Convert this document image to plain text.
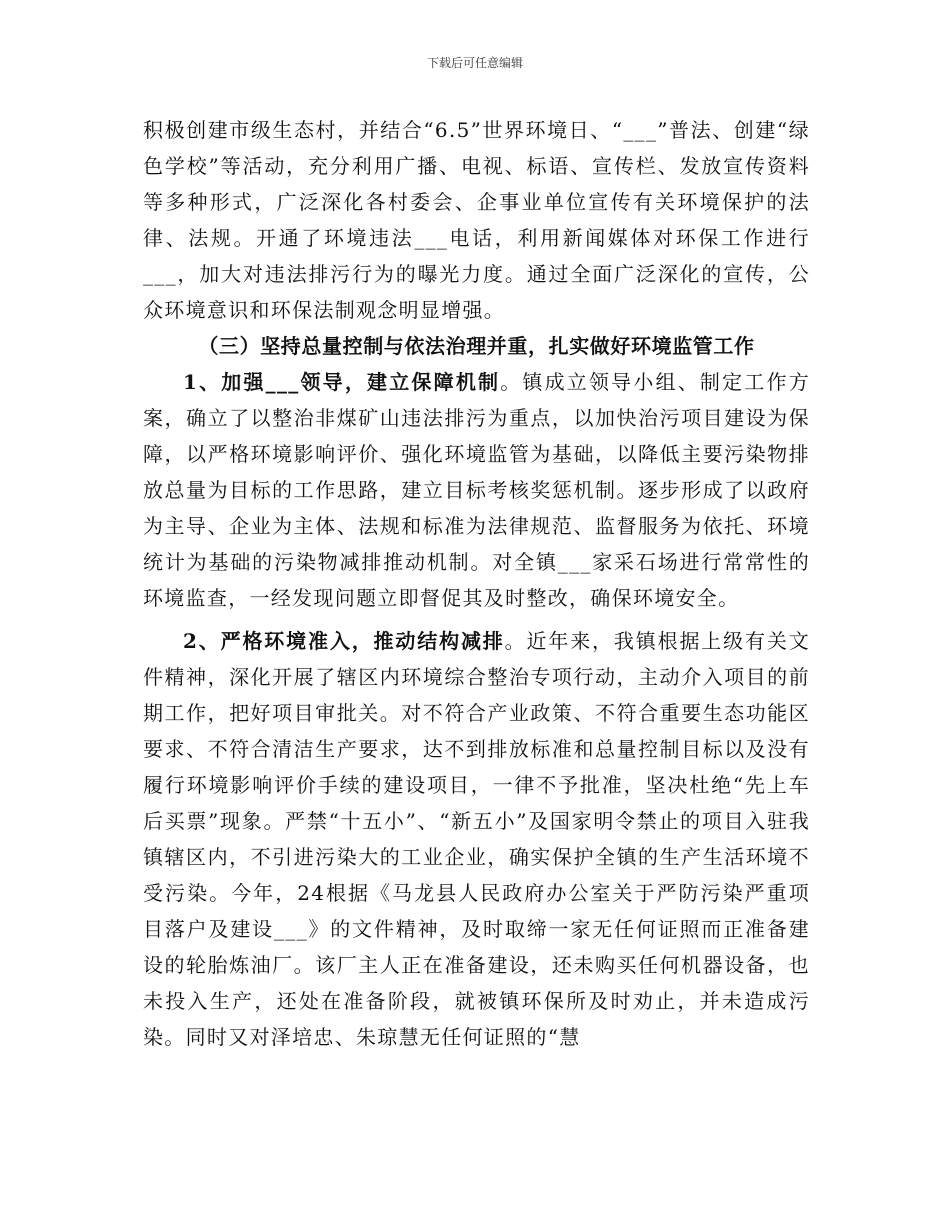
下载后可任意编辑

积极创建市级生态村，并结合“6.5”世界环境日、“___”普法、创建“绿色学校”等活动，充分利用广播、电视、标语、宣传栏、发放宣传资料等多种形式，广泛深化各村委会、企事业单位宣传有关环境保护的法律、法规。开通了环境违法___电话，利用新闻媒体对环保工作进行___，加大对违法排污行为的曝光力度。通过全面广泛深化的宣传，公众环境意识和环保法制观念明显增强。

（三）坚持总量控制与依法治理并重，扎实做好环境监管工作

1、加强___领导，建立保障机制。镇成立领导小组、制定工作方案，确立了以整治非煤矿山违法排污为重点，以加快治污项目建设为保障，以严格环境影响评价、强化环境监管为基础，以降低主要污染物排放总量为目标的工作思路，建立目标考核奖惩机制。逐步形成了以政府为主导、企业为主体、法规和标准为法律规范、监督服务为依托、环境统计为基础的污染物减排推动机制。对全镇___家采石场进行常常性的环境监查，一经发现问题立即督促其及时整改，确保环境安全。

2、严格环境准入，推动结构减排。近年来，我镇根据上级有关文件精神，深化开展了辖区内环境综合整治专项行动，主动介入项目的前期工作，把好项目审批关。对不符合产业政策、不符合重要生态功能区要求、不符合清洁生产要求，达不到排放标准和总量控制目标以及没有履行环境影响评价手续的建设项目，一律不予批准，坚决杜绝“先上车后买票”现象。严禁“十五小”、“新五小”及国家明令禁止的项目入驻我镇辖区内，不引进污染大的工业企业，确实保护全镇的生产生活环境不受污染。今年，24根据《马龙县人民政府办公室关于严防污染严重项目落户及建设___》的文件精神，及时取缔一家无任何证照而正准备建设的轮胎炼油厂。该厂主人正在准备建设，还未购买任何机器设备，也未投入生产，还处在准备阶段，就被镇环保所及时劝止，并未造成污染。同时又对泽培忠、朱琼慧无任何证照的“慧
